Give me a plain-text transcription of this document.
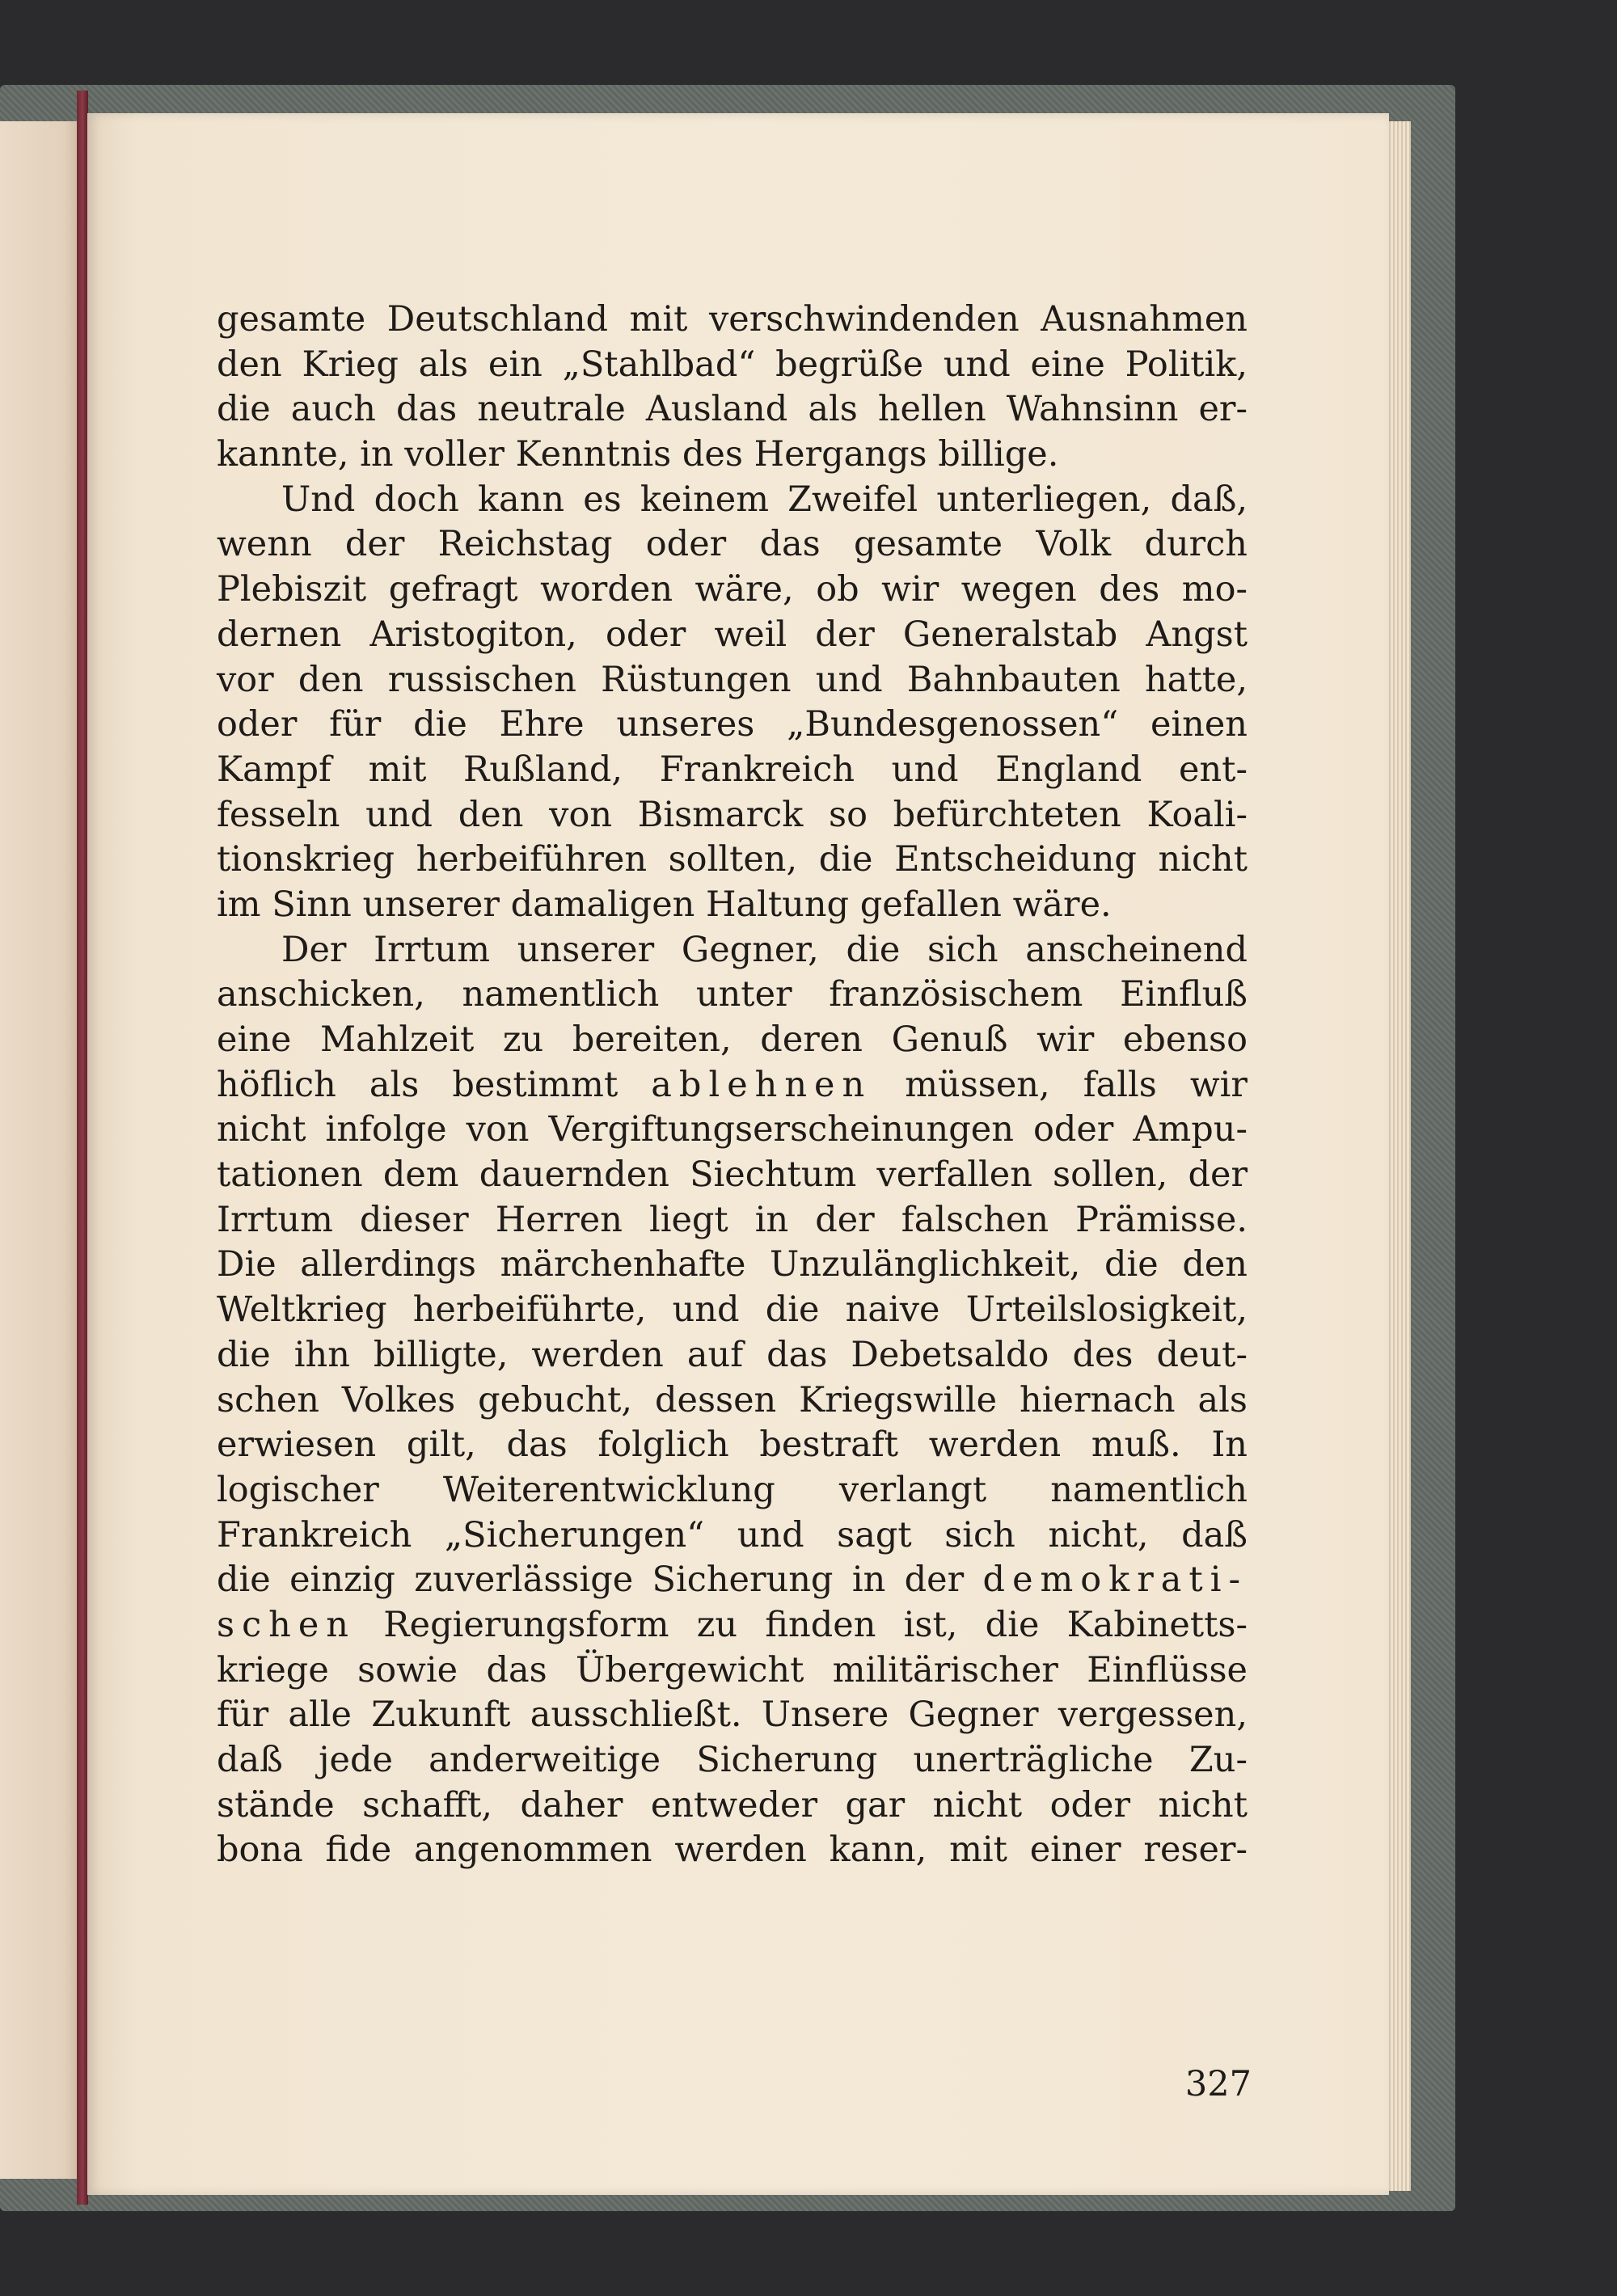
gesamte Deutschland mit verschwindenden Ausnahmen
den Krieg als ein „Stahlbad“ begrüße und eine Politik,
die auch das neutrale Ausland als hellen Wahnsinn er-
kannte, in voller Kenntnis des Hergangs billige.
Und doch kann es keinem Zweifel unterliegen, daß,
wenn der Reichstag oder das gesamte Volk durch
Plebiszit gefragt worden wäre, ob wir wegen des mo-
dernen Aristogiton, oder weil der Generalstab Angst
vor den russischen Rüstungen und Bahnbauten hatte,
oder für die Ehre unseres „Bundesgenossen“ einen
Kampf mit Rußland, Frankreich und England ent-
fesseln und den von Bismarck so befürchteten Koali-
tionskrieg herbeiführen sollten, die Entscheidung nicht
im Sinn unserer damaligen Haltung gefallen wäre.
Der Irrtum unserer Gegner, die sich anscheinend
anschicken, namentlich unter französischem Einfluß
eine Mahlzeit zu bereiten, deren Genuß wir ebenso
höflich als bestimmt ablehnen müssen, falls wir
nicht infolge von Vergiftungserscheinungen oder Ampu-
tationen dem dauernden Siechtum verfallen sollen, der
Irrtum dieser Herren liegt in der falschen Prämisse.
Die allerdings märchenhafte Unzulänglichkeit, die den
Weltkrieg herbeiführte, und die naive Urteilslosigkeit,
die ihn billigte, werden auf das Debetsaldo des deut-
schen Volkes gebucht, dessen Kriegswille hiernach als
erwiesen gilt, das folglich bestraft werden muß. In
logischer Weiterentwicklung verlangt namentlich
Frankreich „Sicherungen“ und sagt sich nicht, daß
die einzig zuverlässige Sicherung in der demokrati-
schen Regierungsform zu finden ist, die Kabinetts-
kriege sowie das Übergewicht militärischer Einflüsse
für alle Zukunft ausschließt. Unsere Gegner vergessen,
daß jede anderweitige Sicherung unerträgliche Zu-
stände schafft, daher entweder gar nicht oder nicht
bona fide angenommen werden kann, mit einer reser-
327
